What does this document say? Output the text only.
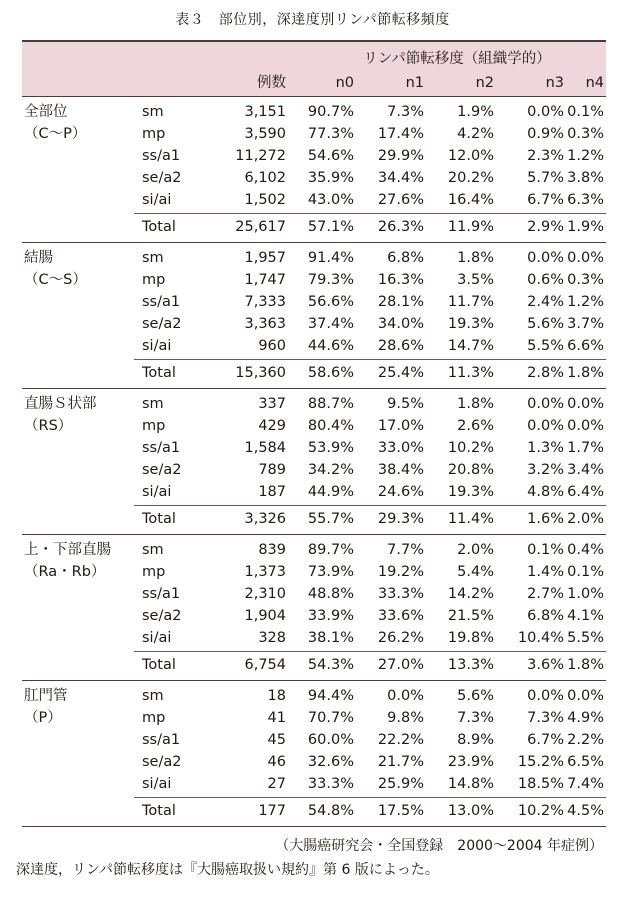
表３　部位別，深達度別リンパ節転移頻度
リンパ節転移度（組織学的）
例数	n0	n1	n2	n3	n4
全部位
（C〜P）
sm	3,151	90.7%	7.3%	1.9%	0.0% 0.1%
mp	3,590	77.3%	17.4%	4.2%	0.9% 0.3%
ss/a1	11,272	54.6%	29.9%	12.0%	2.3% 1.2%
se/a2	6,102	35.9%	34.4%	20.2%	5.7% 3.8%
si/ai	1,502	43.0%	27.6%	16.4%	6.7% 6.3%
Total	25,617	57.1%	26.3%	11.9%	2.9% 1.9%
結腸
（C〜S）
sm	1,957	91.4%	6.8%	1.8%	0.0% 0.0%
mp	1,747	79.3%	16.3%	3.5%	0.6% 0.3%
ss/a1	7,333	56.6%	28.1%	11.7%	2.4% 1.2%
se/a2	3,363	37.4%	34.0%	19.3%	5.6% 3.7%
si/ai	960	44.6%	28.6%	14.7%	5.5% 6.6%
Total	15,360	58.6%	25.4%	11.3%	2.8% 1.8%
直腸Ｓ状部
（RS）
sm	337	88.7%	9.5%	1.8%	0.0% 0.0%
mp	429	80.4%	17.0%	2.6%	0.0% 0.0%
ss/a1	1,584	53.9%	33.0%	10.2%	1.3% 1.7%
se/a2	789	34.2%	38.4%	20.8%	3.2% 3.4%
si/ai	187	44.9%	24.6%	19.3%	4.8% 6.4%
Total	3,326	55.7%	29.3%	11.4%	1.6% 2.0%
上・下部直腸
（Ra・Rb）
sm	839	89.7%	7.7%	2.0%	0.1% 0.4%
mp	1,373	73.9%	19.2%	5.4%	1.4% 0.1%
ss/a1	2,310	48.8%	33.3%	14.2%	2.7% 1.0%
se/a2	1,904	33.9%	33.6%	21.5%	6.8% 4.1%
si/ai	328	38.1%	26.2%	19.8%	10.4% 5.5%
Total	6,754	54.3%	27.0%	13.3%	3.6% 1.8%
肛門管
（P）
sm	18	94.4%	0.0%	5.6%	0.0% 0.0%
mp	41	70.7%	9.8%	7.3%	7.3% 4.9%
ss/a1	45	60.0%	22.2%	8.9%	6.7% 2.2%
se/a2	46	32.6%	21.7%	23.9%	15.2% 6.5%
si/ai	27	33.3%	25.9%	14.8%	18.5% 7.4%
Total	177	54.8%	17.5%	13.0%	10.2% 4.5%
（大腸癌研究会・全国登録　2000〜2004 年症例）
深達度，リンパ節転移度は『大腸癌取扱い規約』第 6 版によった。
